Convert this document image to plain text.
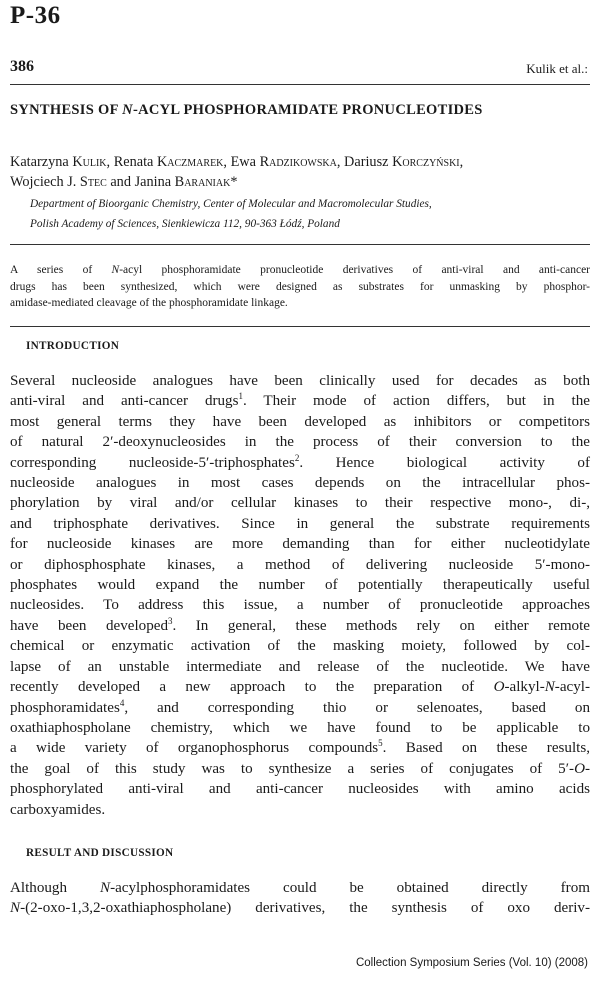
P-36
386	Kulik et al.:
SYNTHESIS OF N-ACYL PHOSPHORAMIDATE PRONUCLEOTIDES
Katarzyna Kulik, Renata Kaczmarek, Ewa Radzikowska, Dariusz Korczyński,
Wojciech J. Stec and Janina Baraniak*
Department of Bioorganic Chemistry, Center of Molecular and Macromolecular Studies,
Polish Academy of Sciences, Sienkiewicza 112, 90-363 Łódź, Poland
A series of N-acyl phosphoramidate pronucleotide derivatives of anti-viral and anti-cancer
drugs has been synthesized, which were designed as substrates for unmasking by phosphor-
amidase-mediated cleavage of the phosphoramidate linkage.
INTRODUCTION
Several nucleoside analogues have been clinically used for decades as both
anti-viral and anti-cancer drugs$^1$. Their mode of action differs, but in the
most general terms they have been developed as inhibitors or competitors
of natural 2′-deoxynucleosides in the process of their conversion to the
corresponding nucleoside-5′-triphosphates$^2$. Hence biological activity of
nucleoside analogues in most cases depends on the intracellular phos-
phorylation by viral and/or cellular kinases to their respective mono-, di-,
and triphosphate derivatives. Since in general the substrate requirements
for nucleoside kinases are more demanding than for either nucleotidylate
or diphosphosphate kinases, a method of delivering nucleoside 5′-mono-
phosphates would expand the number of potentially therapeutically useful
nucleosides. To address this issue, a number of pronucleotide approaches
have been developed$^3$. In general, these methods rely on either remote
chemical or enzymatic activation of the masking moiety, followed by col-
lapse of an unstable intermediate and release of the nucleotide. We have
recently developed a new approach to the preparation of O-alkyl-N-acyl-
phosphoramidates$^4$, and corresponding thio or selenoates, based on
oxathiaphospholane chemistry, which we have found to be applicable to
a wide variety of organophosphorus compounds$^5$. Based on these results,
the goal of this study was to synthesize a series of conjugates of 5′-O-
phosphorylated anti-viral and anti-cancer nucleosides with amino acids
carboxyamides.
RESULT AND DISCUSSION
Although N-acylphosphoramidates could be obtained directly from
N-(2-oxo-1,3,2-oxathiaphospholane) derivatives, the synthesis of oxo deriv-
Collection Symposium Series (Vol. 10) (2008)
